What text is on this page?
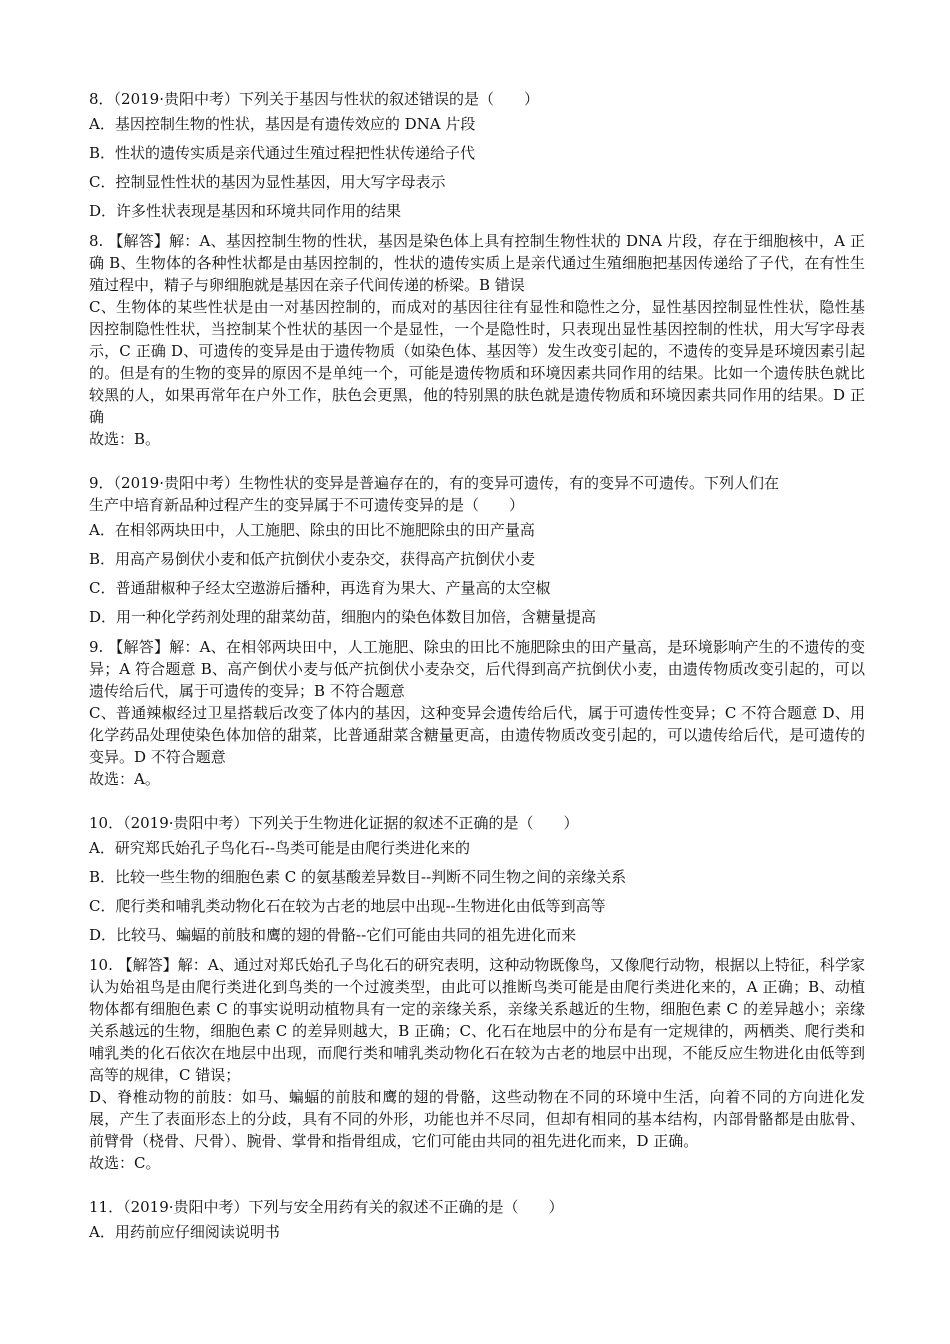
8．（2019·贵阳中考）下列关于基因与性状的叙述错误的是（　　）
A．基因控制生物的性状，基因是有遗传效应的 DNA 片段
B．性状的遗传实质是亲代通过生殖过程把性状传递给子代
C．控制显性性状的基因为显性基因，用大写字母表示
D．许多性状表现是基因和环境共同作用的结果

8. 【解答】解：A、基因控制生物的性状，基因是染色体上具有控制生物性状的 DNA 片段，存在于细胞核中，A 正确 B、生物体的各种性状都是由基因控制的，性状的遗传实质上是亲代通过生殖细胞把基因传递给了子代，在有性生殖过程中，精子与卵细胞就是基因在亲子代间传递的桥梁。B 错误

C、生物体的某些性状是由一对基因控制的，而成对的基因往往有显性和隐性之分，显性基因控制显性性状，隐性基因控制隐性性状，当控制某个性状的基因一个是显性，一个是隐性时，只表现出显性基因控制的性状，用大写字母表示，C 正确 D、可遗传的变异是由于遗传物质（如染色体、基因等）发生改变引起的，不遗传的变异是环境因素引起的。但是有的生物的变异的原因不是单纯一个，可能是遗传物质和环境因素共同作用的结果。比如一个遗传肤色就比较黑的人，如果再常年在户外工作，肤色会更黑，他的特别黑的肤色就是遗传物质和环境因素共同作用的结果。D 正确

故选：B。

9．（2019·贵阳中考）生物性状的变异是普遍存在的，有的变异可遗传，有的变异不可遗传。下列人们在
生产中培育新品种过程产生的变异属于不可遗传变异的是（　　）
A．在相邻两块田中，人工施肥、除虫的田比不施肥除虫的田产量高
B．用高产易倒伏小麦和低产抗倒伏小麦杂交，获得高产抗倒伏小麦
C．普通甜椒种子经太空遨游后播种，再选育为果大、产量高的太空椒
D．用一种化学药剂处理的甜菜幼苗，细胞内的染色体数目加倍，含糖量提高

9. 【解答】解：A、在相邻两块田中，人工施肥、除虫的田比不施肥除虫的田产量高，是环境影响产生的不遗传的变异；A 符合题意 B、高产倒伏小麦与低产抗倒伏小麦杂交，后代得到高产抗倒伏小麦，由遗传物质改变引起的，可以遗传给后代，属于可遗传的变异；B 不符合题意

C、普通辣椒经过卫星搭载后改变了体内的基因，这种变异会遗传给后代，属于可遗传性变异；C 不符合题意 D、用化学药品处理使染色体加倍的甜菜，比普通甜菜含糖量更高，由遗传物质改变引起的，可以遗传给后代，是可遗传的变异。D 不符合题意

故选：A。

10．（2019·贵阳中考）下列关于生物进化证据的叙述不正确的是（　　）
A．研究郑氏始孔子鸟化石--鸟类可能是由爬行类进化来的
B．比较一些生物的细胞色素 C 的氨基酸差异数目--判断不同生物之间的亲缘关系
C．爬行类和哺乳类动物化石在较为古老的地层中出现--生物进化由低等到高等
D．比较马、蝙蝠的前肢和鹰的翅的骨骼--它们可能由共同的祖先进化而来

10. 【解答】解：A、通过对郑氏始孔子鸟化石的研究表明，这种动物既像鸟，又像爬行动物，根据以上特征，科学家认为始祖鸟是由爬行类进化到鸟类的一个过渡类型，由此可以推断鸟类可能是由爬行类进化来的，A 正确；B、动植物体都有细胞色素 C 的事实说明动植物具有一定的亲缘关系，亲缘关系越近的生物，细胞色素 C 的差异越小；亲缘关系越远的生物，细胞色素 C 的差异则越大，B 正确；C、化石在地层中的分布是有一定规律的，两栖类、爬行类和哺乳类的化石依次在地层中出现，而爬行类和哺乳类动物化石在较为古老的地层中出现，不能反应生物进化由低等到高等的规律，C 错误；

D、脊椎动物的前肢：如马、蝙蝠的前肢和鹰的翅的骨骼，这些动物在不同的环境中生活，向着不同的方向进化发展，产生了表面形态上的分歧，具有不同的外形，功能也并不尽同，但却有相同的基本结构，内部骨骼都是由肱骨、前臂骨（桡骨、尺骨）、腕骨、掌骨和指骨组成，它们可能由共同的祖先进化而来，D 正确。

故选：C。

11．（2019·贵阳中考）下列与安全用药有关的叙述不正确的是（　　）
A．用药前应仔细阅读说明书
